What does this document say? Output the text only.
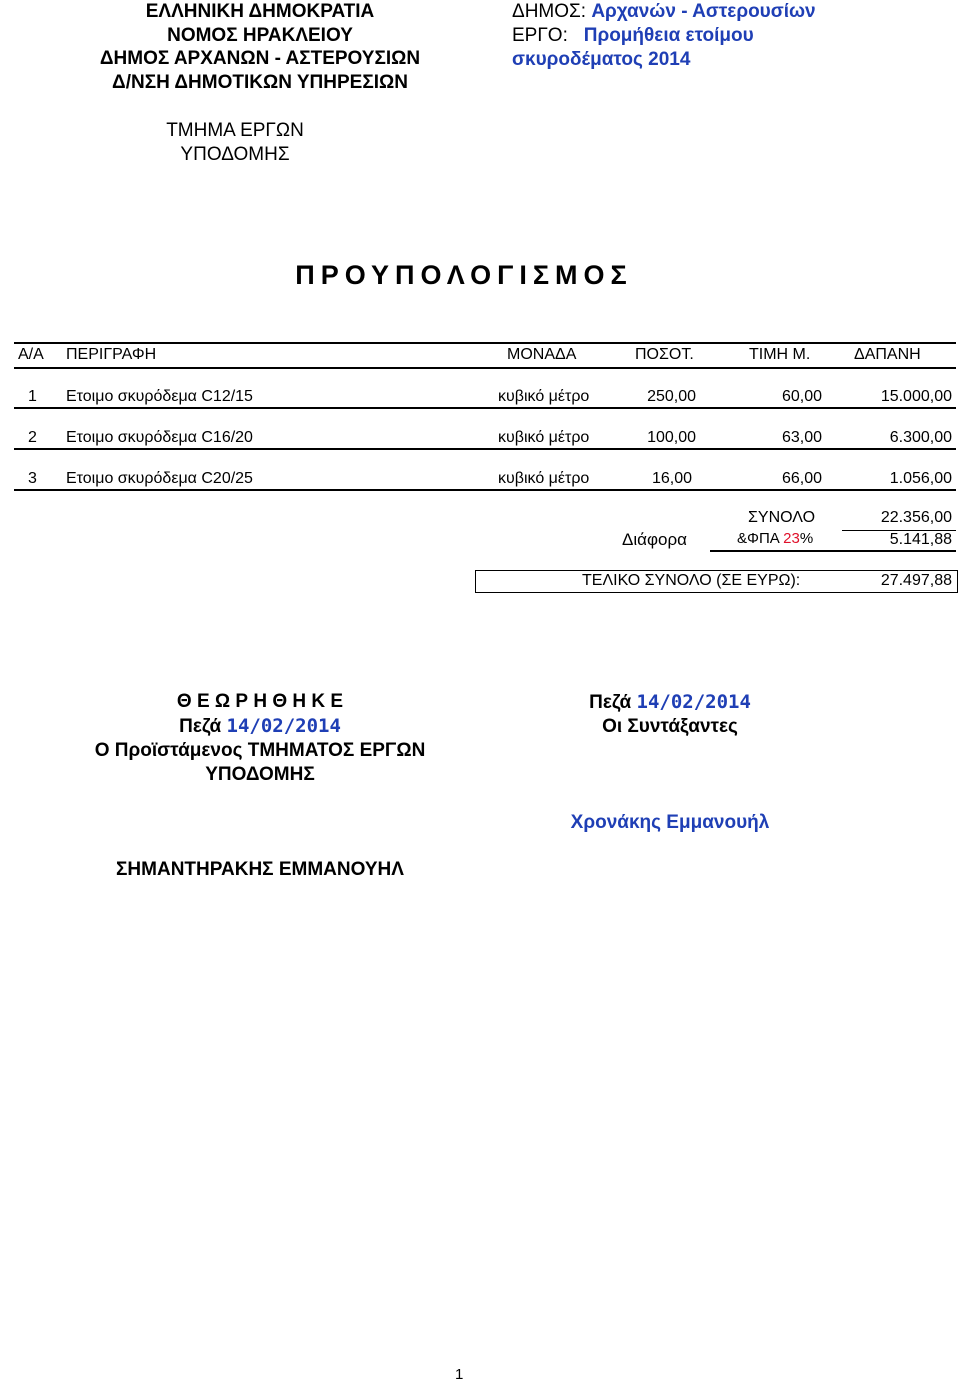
ΕΛΛΗΝΙΚΗ ΔΗΜΟΚΡΑΤΙΑ
ΝΟΜΟΣ ΗΡΑΚΛΕΙΟΥ
ΔΗΜΟΣ ΑΡΧΑΝΩΝ - ΑΣΤΕΡΟΥΣΙΩΝ
Δ/ΝΣΗ ΔΗΜΟΤΙΚΩΝ ΥΠΗΡΕΣΙΩΝ
ΔΗΜΟΣ: Αρχανών - Αστερουσίων
ΕΡΓΟ: Προμήθεια ετοίμου
σκυροδέματος 2014
ΤΜΗΜΑ ΕΡΓΩΝ
ΥΠΟΔΟΜΗΣ
ΠΡΟΥΠΟΛΟΓΙΣΜΟΣ
Α/Α ΠΕΡΙΓΡΑΦΗ	ΜΟΝΑΔΑ	ΠΟΣΟΤ.	ΤΙΜΗ Μ.	ΔΑΠΑΝΗ
1 Ετοιμο σκυρόδεμα C12/15	κυβικό μέτρο	250,00	60,00	15.000,00
2 Ετοιμο σκυρόδεμα C16/20	κυβικό μέτρο	100,00	63,00	6.300,00
3 Ετοιμο σκυρόδεμα C20/25	κυβικό μέτρο	16,00	66,00	1.056,00
ΣΥΝΟΛΟ	22.356,00
Διάφορα	&ΦΠΑ 23%	5.141,88
ΤΕΛΙΚΟ ΣΥΝΟΛΟ (ΣΕ ΕΥΡΩ):	27.497,88
Θ Ε Ω Ρ Η Θ Η Κ Ε
Πεζά 14/02/2014
Ο Προϊστάμενος ΤΜΗΜΑΤΟΣ ΕΡΓΩΝ
ΥΠΟΔΟΜΗΣ
ΣΗΜΑΝΤΗΡΑΚΗΣ ΕΜΜΑΝΟΥΗΛ
Πεζά 14/02/2014
Οι Συντάξαντες
Χρονάκης Εμμανουήλ
1
